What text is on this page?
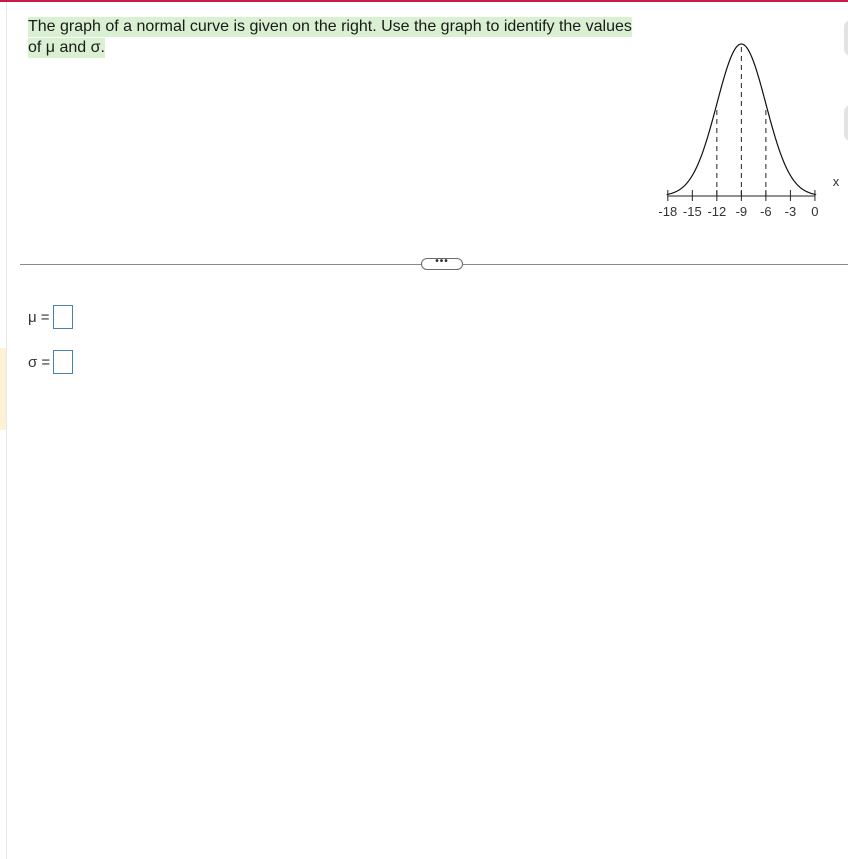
The graph of a normal curve is given on the right. Use the graph to identify the values of μ and σ.
-18 -15 -12 -9 -6 -3 0
x
•••
μ =
σ =
